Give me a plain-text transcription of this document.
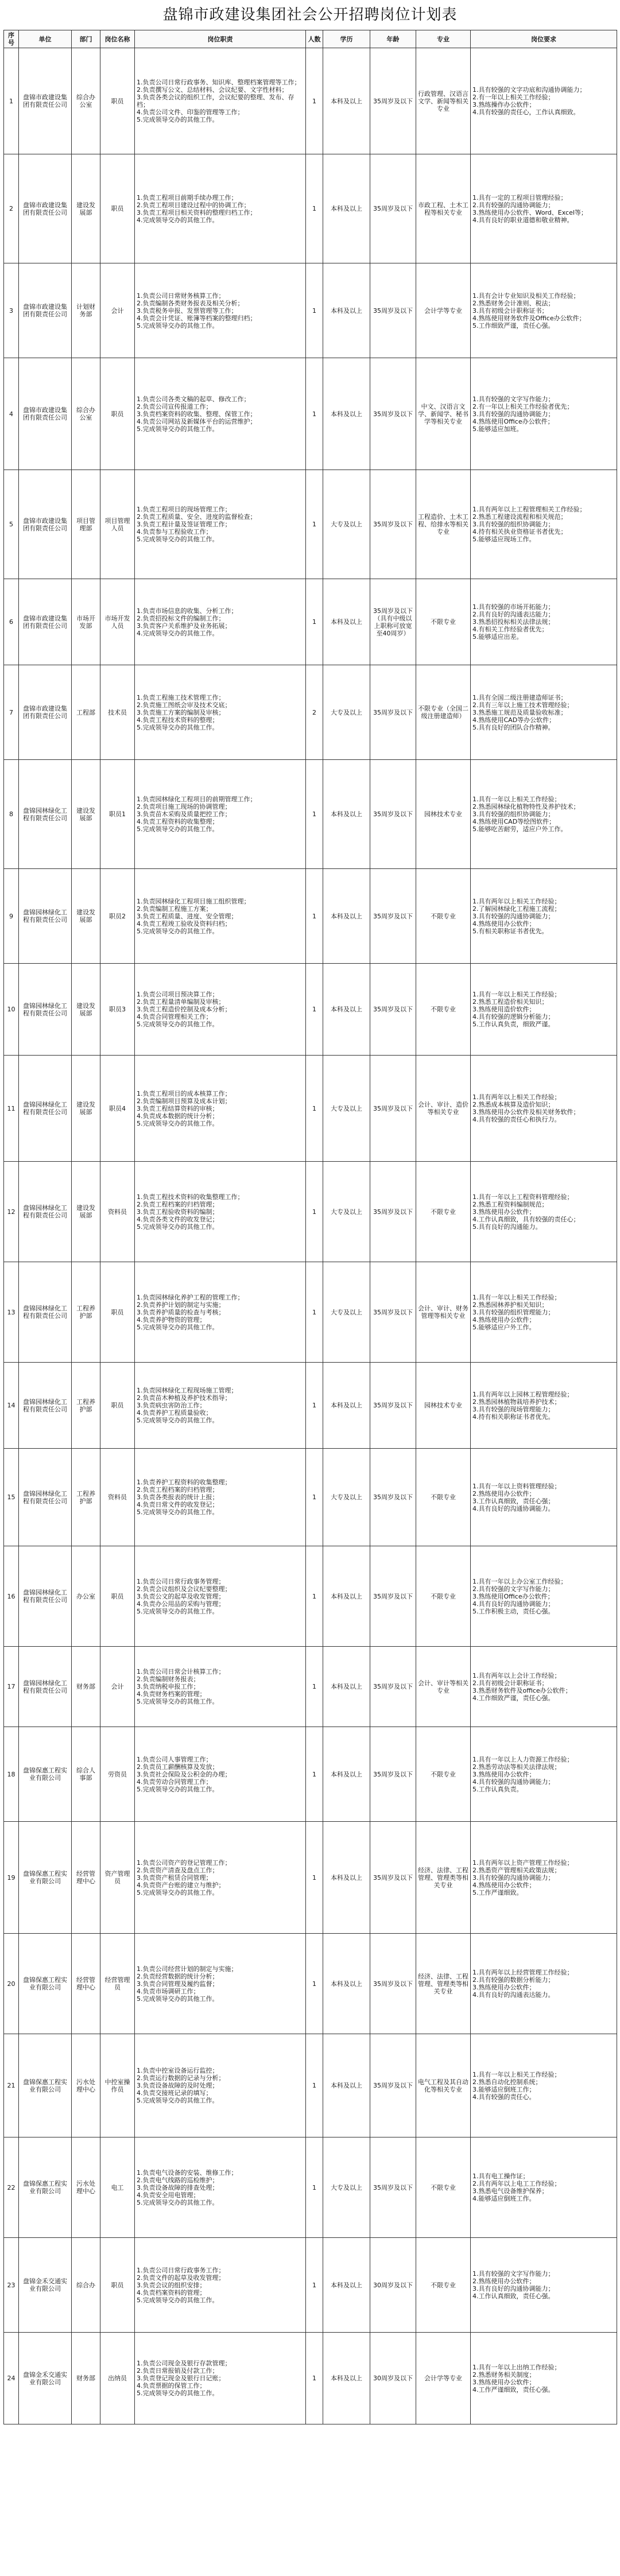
盘锦市政建设集团社会公开招聘岗位计划表
序号	单位	部门	岗位名称	岗位职责	人数	学历	年龄	专业	岗位要求
1	盘锦市政建设集团有限责任公司	综合办公室	职员	1.负责公司日常行政事务、知识库、整理档案管理等工作；
2.负责撰写公文、总结材料、会议纪要、文字性材料；
3.负责各类会议的组织工作，会议纪要的整理、发布、存档；
4.负责公司文件、印鉴的管理等工作；
5.完成领导交办的其他工作。	1	本科及以上	35周岁及以下	行政管理、汉语言文学、新闻等相关专业	1.具有较强的文字功底和沟通协调能力；
2.有一年以上相关工作经验；
3.熟练操作办公软件；
4.具有较强的责任心，工作认真细致。

2	盘锦市政建设集团有限责任公司	建设发展部	职员	1.负责工程项目前期手续办理工作；
2.负责工程项目建设过程中的协调工作；
3.负责工程项目相关资料的整理归档工作；
4.完成领导交办的其他工作。	1	本科及以上	35周岁及以下	市政工程、土木工程等相关专业	1.具有一定的工程项目管理经验；
2.具有较强的沟通协调能力；
3.熟练使用办公软件、Word、Excel等；
4.具有良好的职业道德和敬业精神。

3	盘锦市政建设集团有限责任公司	计划财务部	会计	1.负责公司日常财务核算工作；
2.负责编制各类财务报表及相关分析；
3.负责税务申报、发票管理等工作；
4.负责会计凭证、账簿等档案的整理归档；
5.完成领导交办的其他工作。	1	本科及以上	35周岁及以下	会计学等专业	1.具有会计专业知识及相关工作经验；
2.熟悉财务会计准则、税法；
3.具有初级会计职称证书；
4.熟练使用财务软件及Office办公软件；
5.工作细致严谨，责任心强。

4	盘锦市政建设集团有限责任公司	综合办公室	职员	1.负责公司各类文稿的起草、修改工作；
2.负责公司宣传报道工作；
3.负责档案资料的收集、整理、保管工作；
4.负责公司网站及新媒体平台的运营维护；
5.完成领导交办的其他工作。	1	本科及以上	35周岁及以下	中文、汉语言文学、新闻学、秘书学等相关专业	1.具有较强的文字写作能力；
2.有一年以上相关工作经验者优先；
3.具有较强的沟通协调能力；
4.熟练使用Office办公软件；
5.能够适应加班。

5	盘锦市政建设集团有限责任公司	项目管理部	项目管理人员	1.负责工程项目的现场管理工作；
2.负责工程质量、安全、进度的监督检查；
3.负责工程计量及签证管理工作；
4.负责参与工程验收工作；
5.完成领导交办的其他工作。	1	大专及以上	35周岁及以下	工程造价、土木工程、给排水等相关专业	1.具有两年以上工程管理相关工作经验；
2.熟悉工程建设流程和相关规范；
3.具有较强的组织协调能力；
4.持有相关执业资格证书者优先；
5.能够适应现场工作。

6	盘锦市政建设集团有限责任公司	市场开发部	市场开发人员	1.负责市场信息的收集、分析工作；
2.负责招投标文件的编制工作；
3.负责客户关系维护及业务拓展；
4.完成领导交办的其他工作。	1	本科及以上	35周岁及以下（具有中级以上职称可放宽至40周岁）	不限专业	1.具有较强的市场开拓能力；
2.具有良好的沟通表达能力；
3.熟悉招投标相关法律法规；
4.有相关工作经验者优先；
5.能够适应出差。

7	盘锦市政建设集团有限责任公司	工程部	技术员	1.负责工程施工技术管理工作；
2.负责施工图纸会审及技术交底；
3.负责施工方案的编制及审核；
4.负责工程技术资料的整理；
5.完成领导交办的其他工作。	2	大专及以上	35周岁及以下	不限专业（全国二级注册建造师）	1.具有全国二级注册建造师证书；
2.具有三年以上施工技术管理经验；
3.熟悉施工规范及质量验收标准；
4.熟练使用CAD等办公软件；
5.具有良好的团队合作精神。

8	盘锦园林绿化工程有限责任公司	建设发展部	职员1	1.负责园林绿化工程项目的前期管理工作；
2.负责项目施工现场的协调管理；
3.负责苗木采购及质量把控工作；
4.负责工程资料的收集整理；
5.完成领导交办的其他工作。	1	本科及以上	35周岁及以下	园林技术专业	1.具有一年以上相关工作经验；
2.熟悉园林绿化植物特性及养护技术；
3.具有较强的组织协调能力；
4.熟练使用CAD等绘图软件；
5.能够吃苦耐劳，适应户外工作。

9	盘锦园林绿化工程有限责任公司	建设发展部	职员2	1.负责园林绿化工程项目施工组织管理；
2.负责编制工程施工方案；
3.负责工程质量、进度、安全管理；
4.负责工程竣工验收及资料归档；
5.完成领导交办的其他工作。	1	本科及以上	35周岁及以下	不限专业	1.具有两年以上相关工作经验；
2.了解园林绿化工程施工流程；
3.具有较强的沟通协调能力；
4.熟练使用办公软件；
5.有相关职称证书者优先。

10	盘锦园林绿化工程有限责任公司	建设发展部	职员3	1.负责公司项目预决算工作；
2.负责工程量清单编制及审核；
3.负责工程造价控制及成本分析；
4.负责合同管理相关工作；
5.完成领导交办的其他工作。	1	本科及以上	35周岁及以下	不限专业	1.具有一年以上相关工作经验；
2.熟悉工程造价相关知识；
3.熟练使用造价软件；
4.具有较强的逻辑分析能力；
5.工作认真负责，细致严谨。

11	盘锦园林绿化工程有限责任公司	建设发展部	职员4	1.负责工程项目的成本核算工作；
2.负责编制项目预算及成本计划；
3.负责工程结算资料的审核；
4.负责成本数据的统计分析；
5.完成领导交办的其他工作。	1	大专及以上	35周岁及以下	会计、审计、造价等相关专业	1.具有两年以上相关工作经验；
2.熟悉成本核算及造价知识；
3.熟练使用办公软件及相关财务软件；
4.具有较强的责任心和执行力。

12	盘锦园林绿化工程有限责任公司	建设发展部	资料员	1.负责工程技术资料的收集整理工作；
2.负责工程档案的归档管理；
3.负责工程验收资料的编制；
4.负责各类文件的收发登记；
5.完成领导交办的其他工作。	1	大专及以上	35周岁及以下	不限专业	1.具有一年以上工程资料管理经验；
2.熟悉工程资料编制规范；
3.熟练使用办公软件；
4.工作认真细致，具有较强的责任心；
5.具有良好的沟通能力。

13	盘锦园林绿化工程有限责任公司	工程养护部	职员	1.负责园林绿化养护工程的管理工作；
2.负责养护计划的制定与实施；
3.负责养护质量的检查与考核；
4.负责养护物资的管理；
5.完成领导交办的其他工作。	1	大专及以上	35周岁及以下	会计、审计、财务管理等相关专业	1.具有一年以上相关工作经验；
2.熟悉园林养护相关知识；
3.具有较强的组织管理能力；
4.熟练使用办公软件；
5.能够适应户外工作。

14	盘锦园林绿化工程有限责任公司	工程养护部	职员	1.负责园林绿化工程现场施工管理；
2.负责苗木种植及养护技术指导；
3.负责病虫害防治工作；
4.负责养护工程质量验收；
5.完成领导交办的其他工作。	1	本科及以上	35周岁及以下	园林技术专业	1.具有两年以上园林工程管理经验；
2.熟悉园林植物栽培养护技术；
3.具有较强的现场管理能力；
4.持有相关职称证书者优先。

15	盘锦园林绿化工程有限责任公司	工程养护部	资料员	1.负责养护工程资料的收集整理；
2.负责工程档案的归档管理；
3.负责各类报表的统计上报；
4.负责日常文件的收发登记；
5.完成领导交办的其他工作。	1	大专及以上	35周岁及以下	不限专业	1.具有一年以上资料管理经验；
2.熟练使用办公软件；
3.工作认真细致，责任心强；
4.具有良好的沟通协调能力。

16	盘锦园林绿化工程有限责任公司	办公室	职员	1.负责公司日常行政事务管理；
2.负责会议组织及会议纪要整理；
3.负责公文的起草及收发管理；
4.负责办公用品的采购与管理；
5.完成领导交办的其他工作。	1	本科及以上	35周岁及以下	不限专业	1.具有一年以上办公室工作经验；
2.具有较强的文字写作能力；
3.熟练使用Office办公软件；
4.具有良好的沟通协调能力；
5.工作积极主动，责任心强。

17	盘锦园林绿化工程有限责任公司	财务部	会计	1.负责公司日常会计核算工作；
2.负责编制财务报表；
3.负责纳税申报工作；
4.负责财务档案的管理；
5.完成领导交办的其他工作。	1	本科及以上	35周岁及以下	会计、审计等相关专业	1.具有两年以上会计工作经验；
2.具有初级会计职称证书；
3.熟悉财务软件及office办公软件；
4.工作细致严谨，责任心强。

18	盘锦保惠工程实业有限公司	综合人事部	劳资员	1.负责公司人事管理工作；
2.负责员工薪酬核算及发放；
3.负责社会保险及公积金的办理；
4.负责劳动合同管理工作；
5.完成领导交办的其他工作。	1	本科及以上	35周岁及以下	不限专业	1.具有一年以上人力资源工作经验；
2.熟悉劳动法等相关法律法规；
3.熟练使用办公软件；
4.具有较强的沟通协调能力；
5.工作认真负责。

19	盘锦保惠工程实业有限公司	经营管理中心	资产管理员	1.负责公司资产的登记管理工作；
2.负责资产清查及盘点工作；
3.负责资产租赁合同管理；
4.负责资产台账的建立与维护；
5.完成领导交办的其他工作。	1	本科及以上	35周岁及以下	经济、法律、工程管理、管理类等相关专业	1.具有两年以上资产管理工作经验；
2.熟悉资产管理相关政策法规；
3.具有较强的沟通协调能力；
4.熟练使用办公软件；
5.工作严谨细致。

20	盘锦保惠工程实业有限公司	经营管理中心	经营管理员	1.负责公司经营计划的制定与实施；
2.负责经营数据的统计分析；
3.负责合同管理及履约监督；
4.负责市场调研工作；
5.完成领导交办的其他工作。	1	本科及以上	35周岁及以下	经济、法律、工程管理、管理类等相关专业	1.具有两年以上经营管理工作经验；
2.具有较强的数据分析能力；
3.熟练使用办公软件；
4.具有良好的沟通表达能力。

21	盘锦保惠工程实业有限公司	污水处理中心	中控室操作员	1.负责中控室设备运行监控；
2.负责运行数据的记录与分析；
3.负责设备故障的及时处理；
4.负责交接班记录的填写；
5.完成领导交办的其他工作。	1	本科及以上	35周岁及以下	电气工程及其自动化等相关专业	1.具有一年以上相关工作经验；
2.熟悉自动化控制系统；
3.能够适应倒班工作；
4.具有较强的责任心。

22	盘锦保惠工程实业有限公司	污水处理中心	电工	1.负责电气设备的安装、维修工作；
2.负责电气线路的巡检维护；
3.负责设备故障的排查处理；
4.负责安全用电管理；
5.完成领导交办的其他工作。	1	大专及以上	35周岁及以下	不限专业	1.具有电工操作证；
2.具有两年以上电工工作经验；
3.熟悉电气设备维护保养；
4.能够适应倒班工作。

23	盘锦金禾交通实业有限公司	综合办	职员	1.负责公司日常行政事务工作；
2.负责文件的起草及收发管理；
3.负责会议的组织安排；
4.负责档案资料的管理；
5.完成领导交办的其他工作。	1	本科及以上	30周岁及以下	不限专业	1.具有较强的文字写作能力；
2.熟练使用办公软件；
3.具有良好的沟通协调能力；
4.工作认真细致，责任心强。

24	盘锦金禾交通实业有限公司	财务部	出纳员	1.负责公司现金及银行存款管理；
2.负责日常报销及付款工作；
3.负责登记现金及银行日记账；
4.负责票据的保管工作；
5.完成领导交办的其他工作。	1	本科及以上	30周岁及以下	会计学等专业	1.具有一年以上出纳工作经验；
2.熟悉财务相关制度；
3.熟练使用办公软件；
4.工作严谨细致，责任心强。
